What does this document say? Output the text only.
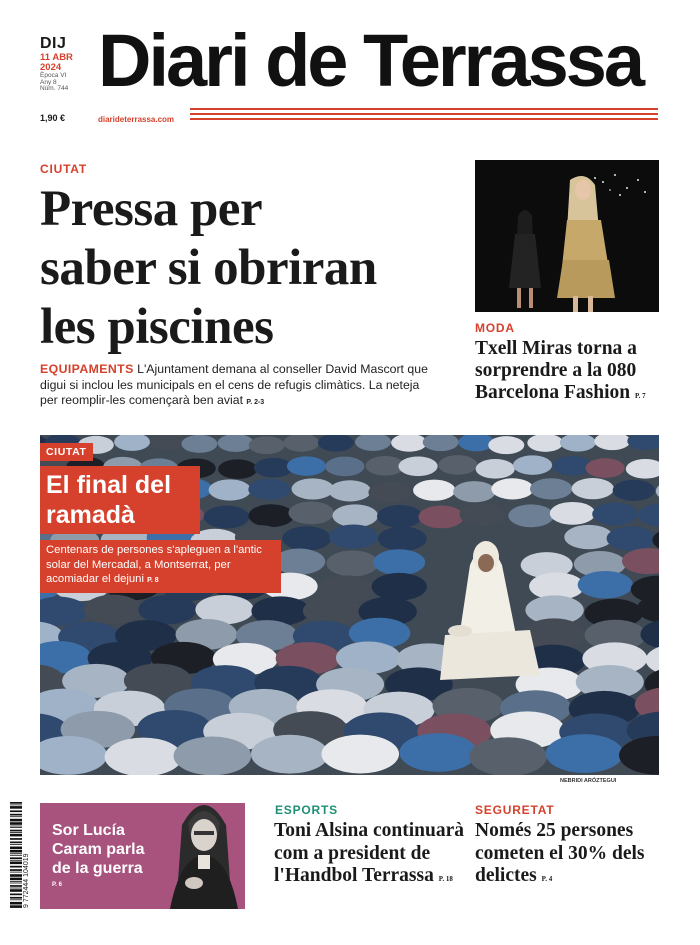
DIJ
11 ABR
2024
Època VI
Any 8
Núm. 744
1,90 €
Diari de Terrassa
diarideterrassa.com
CIUTAT
Pressa per
saber si obriran
les piscines
EQUIPAMENTS L'Ajuntament demana al conseller David Mascort que digui si inclou les municipals en el cens de refugis climàtics. La neteja per reomplir-les començarà ben aviat P. 2-3
MODA
Txell Miras torna a sorprendre a la 080 Barcelona Fashion P. 7
NEBRIDI ARÓZTEGUI
CIUTAT
El final del
ramadà
Centenars de persones s'apleguen a l'antic solar del Mercadal, a Montserrat, per acomiadar el dejuni P. 8
9 772444 104019
Sor Lucía Caram parla de la guerra
P. 6
ESPORTS
Toni Alsina continuarà com a president de l'Handbol Terrassa P. 18
SEGURETAT
Només 25 persones cometen el 30% dels delictes P. 4
